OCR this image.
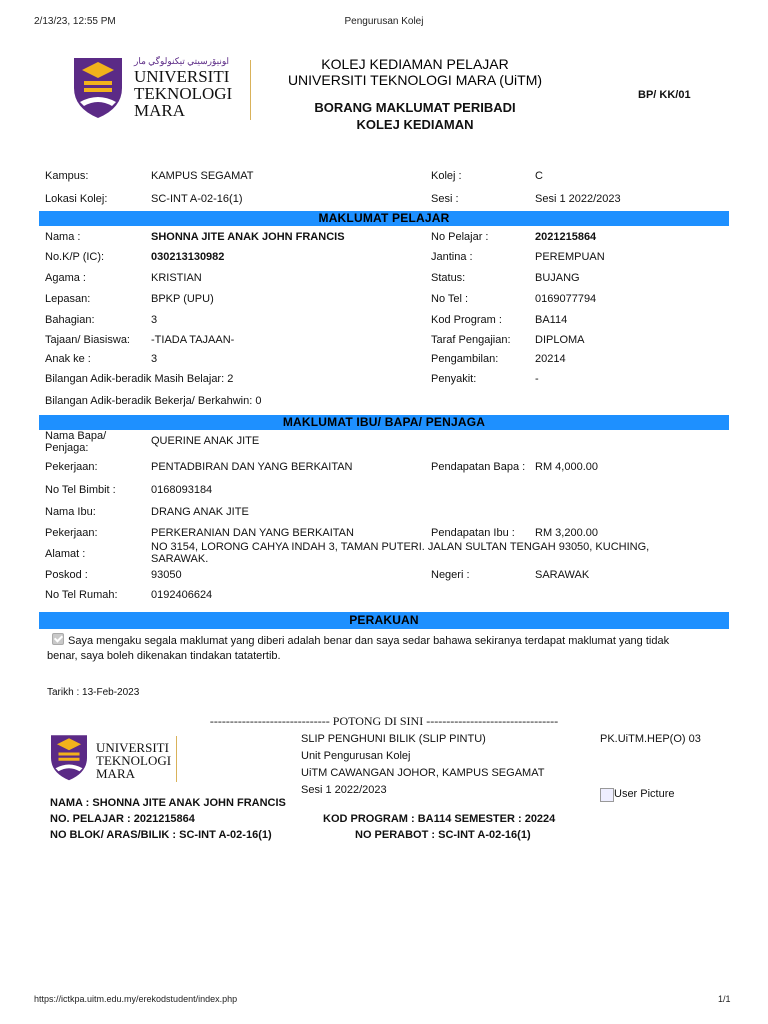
2/13/23, 12:55 PM	Pengurusan Kolej
ﺍﻮﻧﻴﯚﺭﺳﻴﺘﻲ ﺗﻴﻜﻨﻮﻟﻮﮔﻲ ﻣﺎﺭ
UNIVERSITI
TEKNOLOGI
MARA
KOLEJ KEDIAMAN PELAJAR
UNIVERSITI TEKNOLOGI MARA (UiTM)
BORANG MAKLUMAT PERIBADI
KOLEJ KEDIAMAN
BP/ KK/01
Kampus:	KAMPUS SEGAMAT	Kolej :	C
Lokasi Kolej:	SC-INT A-02-16(1)	Sesi :	Sesi 1 2022/2023
MAKLUMAT PELAJAR
Nama :	SHONNA JITE ANAK JOHN FRANCIS	No Pelajar :	2021215864
No.K/P (IC):	030213130982	Jantina :	PEREMPUAN
Agama :	KRISTIAN	Status:	BUJANG
Lepasan:	BPKP (UPU)	No Tel :	0169077794
Bahagian:	3	Kod Program :	BA114
Tajaan/ Biasiswa: -TIADA TAJAAN-	Taraf Pengajian: DIPLOMA
Anak ke :	3	Pengambilan:	20214
Bilangan Adik-beradik Masih Belajar: 2	Penyakit:	-
Bilangan Adik-beradik Bekerja/ Berkahwin: 0
MAKLUMAT IBU/ BAPA/ PENJAGA
Nama Bapa/
Penjaga:
QUERINE ANAK JITE
Pekerjaan:	PENTADBIRAN DAN YANG BERKAITAN	Pendapatan Bapa : RM 4,000.00
No Tel Bimbit :	0168093184
Nama Ibu:	DRANG ANAK JITE
Pekerjaan:	PERKERANIAN DAN YANG BERKAITAN	Pendapatan Ibu : RM 3,200.00
Alamat :
NO 3154, LORONG CAHYA INDAH 3, TAMAN PUTERI. JALAN SULTAN TENGAH 93050, KUCHING,
SARAWAK.
Poskod :	93050	Negeri :	SARAWAK
No Tel Rumah:	0192406624
PERAKUAN
Saya mengaku segala maklumat yang diberi adalah benar dan saya sedar bahawa sekiranya terdapat maklumat yang tidak
benar, saya boleh dikenakan tindakan tatatertib.
Tarikh : 13-Feb-2023
------------------------------ POTONG DI SINI ---------------------------------
UNIVERSITI
TEKNOLOGI
MARA
SLIP PENGHUNI BILIK (SLIP PINTU)	PK.UiTM.HEP(O) 03
Unit Pengurusan Kolej
UiTM CAWANGAN JOHOR, KAMPUS SEGAMAT
Sesi 1 2022/2023	User Picture
NAMA : SHONNA JITE ANAK JOHN FRANCIS
NO. PELAJAR : 2021215864	KOD PROGRAM : BA114 SEMESTER : 20224
NO BLOK/ ARAS/BILIK : SC-INT A-02-16(1)	NO PERABOT : SC-INT A-02-16(1)
https://ictkpa.uitm.edu.my/erekodstudent/index.php	1/1
